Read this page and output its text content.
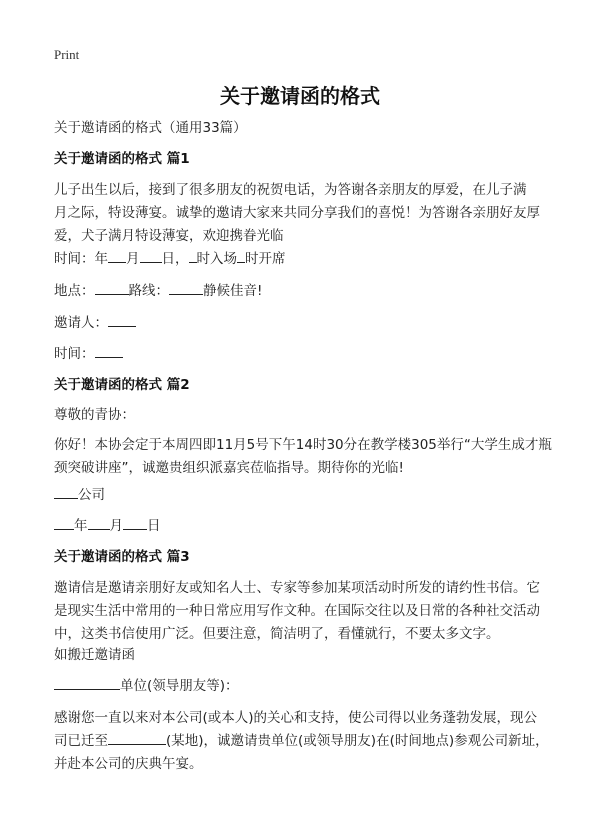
Print
关于邀请函的格式
关于邀请函的格式（通用33篇）
关于邀请函的格式 篇1
儿子出生以后，接到了很多朋友的祝贺电话，为答谢各亲朋友的厚爱，在儿子满
月之际，特设薄宴。诚挚的邀请大家来共同分享我们的喜悦！为答谢各亲朋好友厚
爱，犬子满月特设薄宴，欢迎携眷光临
时间：年 月 日， 时入场 时开席
地点：	路线：	静候佳音!
邀请人：
时间：
关于邀请函的格式 篇2
尊敬的青协：
你好！本协会定于本周四即11月5号下午14时30分在教学楼305举行“大学生成才瓶
颈突破讲座”，诚邀贵组织派嘉宾莅临指导。期待你的光临!
公司
年 月 日
关于邀请函的格式 篇3
邀请信是邀请亲朋好友或知名人士、专家等参加某项活动时所发的请约性书信。它
是现实生活中常用的一种日常应用写作文种。在国际交往以及日常的各种社交活动
中，这类书信使用广泛。但要注意，简洁明了，看懂就行，不要太多文字。
如搬迁邀请函
单位(领导朋友等)：
感谢您一直以来对本公司(或本人)的关心和支持，使公司得以业务蓬勃发展，现公
司已迁至	(某地)，诚邀请贵单位(或领导朋友)在(时间地点)参观公司新址，
并赴本公司的庆典午宴。
